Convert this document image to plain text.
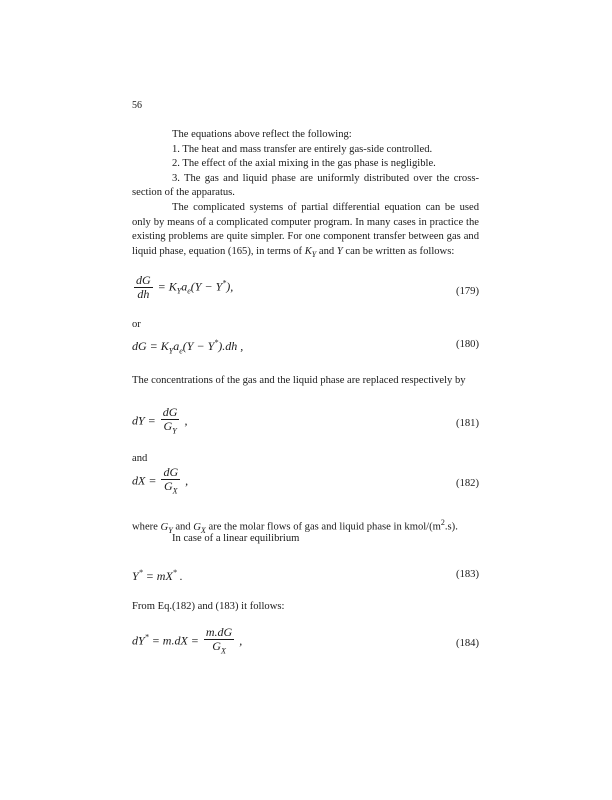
56
The equations above reflect the following:
1. The heat and mass transfer are entirely gas-side controlled.
2. The effect of the axial mixing in the gas phase is negligible.
3. The gas and liquid phase are uniformly distributed over the cross-section of the apparatus.
The complicated systems of partial differential equation can be used only by means of a complicated computer program. In many cases in practice the existing problems are quite simpler. For one component transfer between gas and liquid phase, equation (165), in terms of $K_Y$ and Y can be written as follows:
$\frac{dG}{dh} = K_Ya_e(Y - Y^*)$,	(179)
or
dG = $K_Ya_e(Y - Y^*).dh$ ,	(180)
The concentrations of the gas and the liquid phase are replaced respectively by
dY = $\frac{dG}{G_Y}$ ,	(181)
and
dX = $\frac{dG}{G_X}$ ,	(182)
where $G_Y$ and $G_X$ are the molar flows of gas and liquid phase in kmol/$(m^2.s)$.
In case of a linear equilibrium
Y* = mX* .	(183)
From Eq.(182) and (183) it follows:
$dY^* = m.dX = \frac{m.dG}{G_X}$ ,	(184)
